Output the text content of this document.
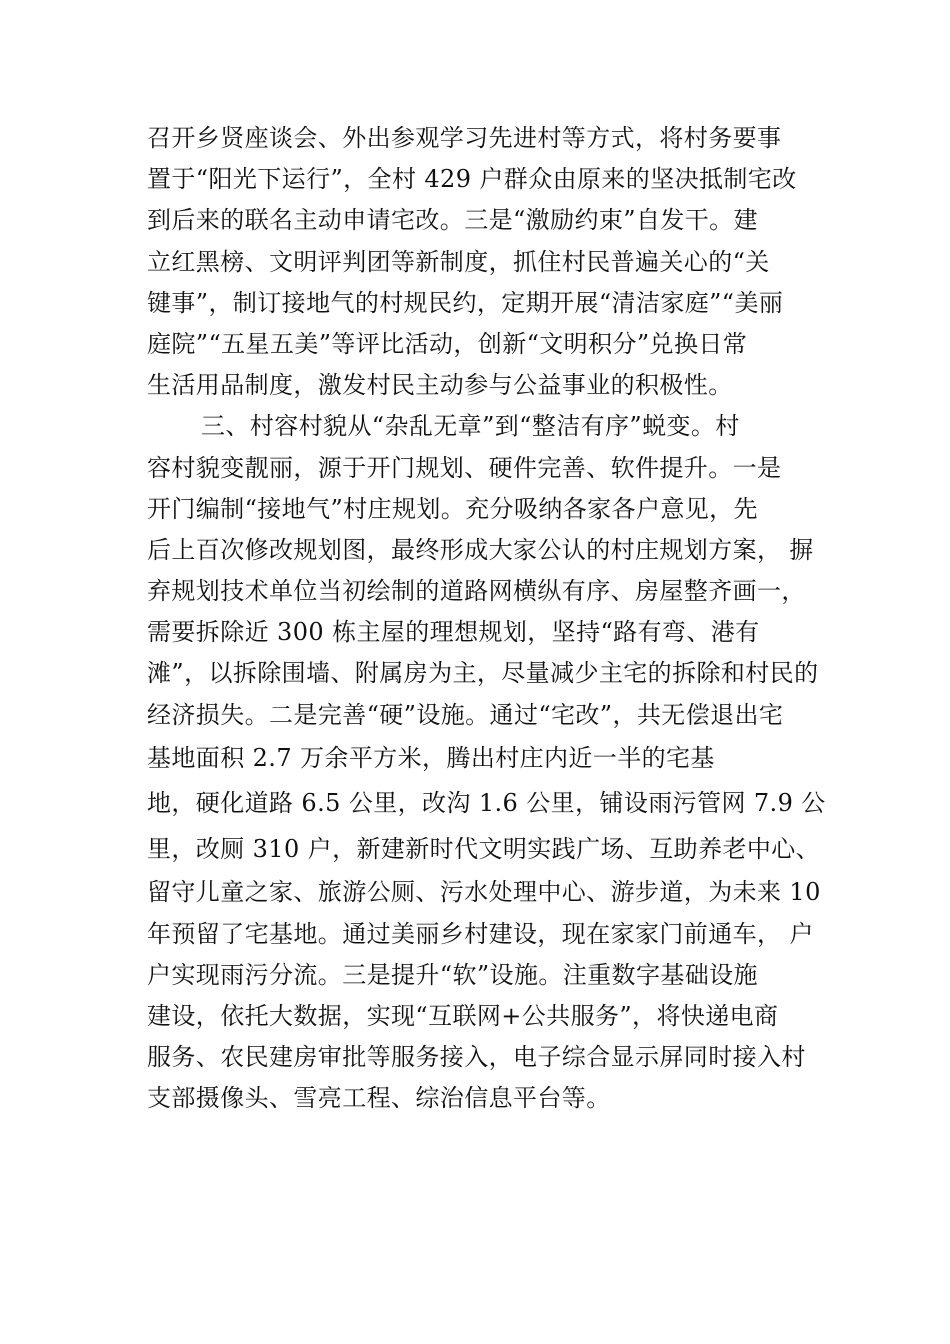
召开乡贤座谈会、外出参观学习先进村等方式，将村务要事
置于“阳光下运行”，全村 429 户群众由原来的坚决抵制宅改
到后来的联名主动申请宅改。三是“激励约束”自发干。建
立红黑榜、文明评判团等新制度，抓住村民普遍关心的“关
键事”，制订接地气的村规民约，定期开展“清洁家庭”“美丽
庭院”“五星五美”等评比活动，创新“文明积分”兑换日常
生活用品制度，激发村民主动参与公益事业的积极性。
三、村容村貌从“杂乱无章”到“整洁有序”蜕变。村
容村貌变靓丽，源于开门规划、硬件完善、软件提升。一是
开门编制“接地气”村庄规划。充分吸纳各家各户意见，先
后上百次修改规划图，最终形成大家公认的村庄规划方案， 摒
弃规划技术单位当初绘制的道路网横纵有序、房屋整齐画一，
需要拆除近 300 栋主屋的理想规划，坚持“路有弯、港有
滩”，以拆除围墙、附属房为主，尽量减少主宅的拆除和村民的
经济损失。二是完善“硬”设施。通过“宅改”，共无偿退出宅
基地面积 2.7 万余平方米，腾出村庄内近一半的宅基
地，硬化道路 6.5 公里，改沟 1.6 公里，铺设雨污管网 7.9 公
里，改厕 310 户，新建新时代文明实践广场、互助养老中心、
留守儿童之家、旅游公厕、污水处理中心、游步道，为未来 10
年预留了宅基地。通过美丽乡村建设，现在家家门前通车， 户
户实现雨污分流。三是提升“软”设施。注重数字基础设施
建设，依托大数据，实现“互联网+公共服务”，将快递电商
服务、农民建房审批等服务接入，电子综合显示屏同时接入村
支部摄像头、雪亮工程、综治信息平台等。
